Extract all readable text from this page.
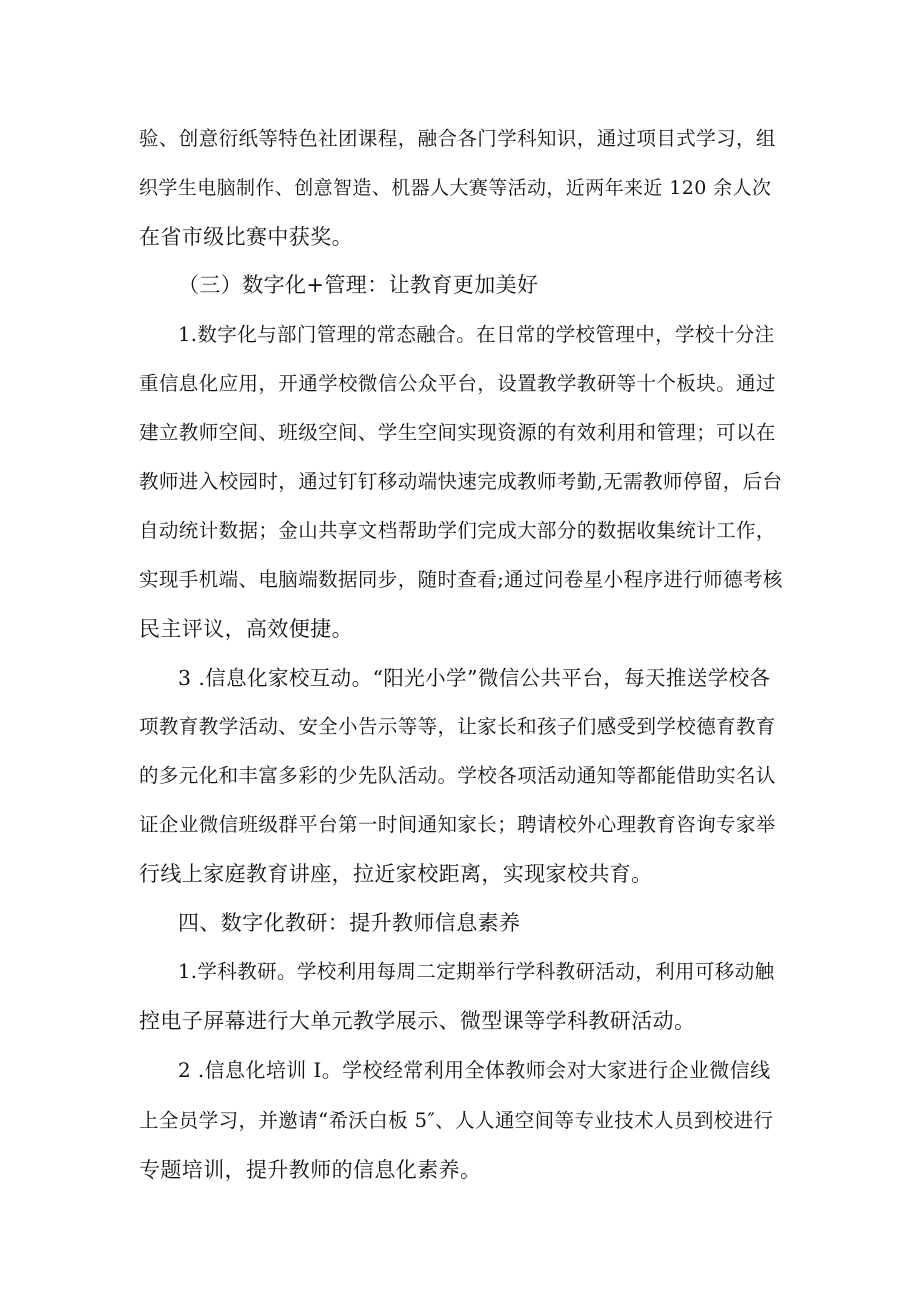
验、创意衍纸等特色社团课程，融合各门学科知识，通过项目式学习，组
织学生电脑制作、创意智造、机器人大赛等活动，近两年来近 120 余人次
在省市级比赛中获奖。
（三）数字化+管理：让教育更加美好
1.数字化与部门管理的常态融合。在日常的学校管理中，学校十分注
重信息化应用，开通学校微信公众平台，设置教学教研等十个板块。通过
建立教师空间、班级空间、学生空间实现资源的有效利用和管理；可以在
教师进入校园时，通过钉钉移动端快速完成教师考勤,无需教师停留，后台
自动统计数据；金山共享文档帮助学们完成大部分的数据收集统计工作，
实现手机端、电脑端数据同步，随时查看;通过问卷星小程序进行师德考核
民主评议，高效便捷。
3 .信息化家校互动。“阳光小学”微信公共平台，每天推送学校各
项教育教学活动、安全小告示等等，让家长和孩子们感受到学校德育教育
的多元化和丰富多彩的少先队活动。学校各项活动通知等都能借助实名认
证企业微信班级群平台第一时间通知家长；聘请校外心理教育咨询专家举
行线上家庭教育讲座，拉近家校距离，实现家校共育。
四、数字化教研：提升教师信息素养
1.学科教研。学校利用每周二定期举行学科教研活动，利用可移动触
控电子屏幕进行大单元教学展示、微型课等学科教研活动。
2 .信息化培训 I。学校经常利用全体教师会对大家进行企业微信线
上全员学习，并邀请“希沃白板 5″、人人通空间等专业技术人员到校进行
专题培训，提升教师的信息化素养。
